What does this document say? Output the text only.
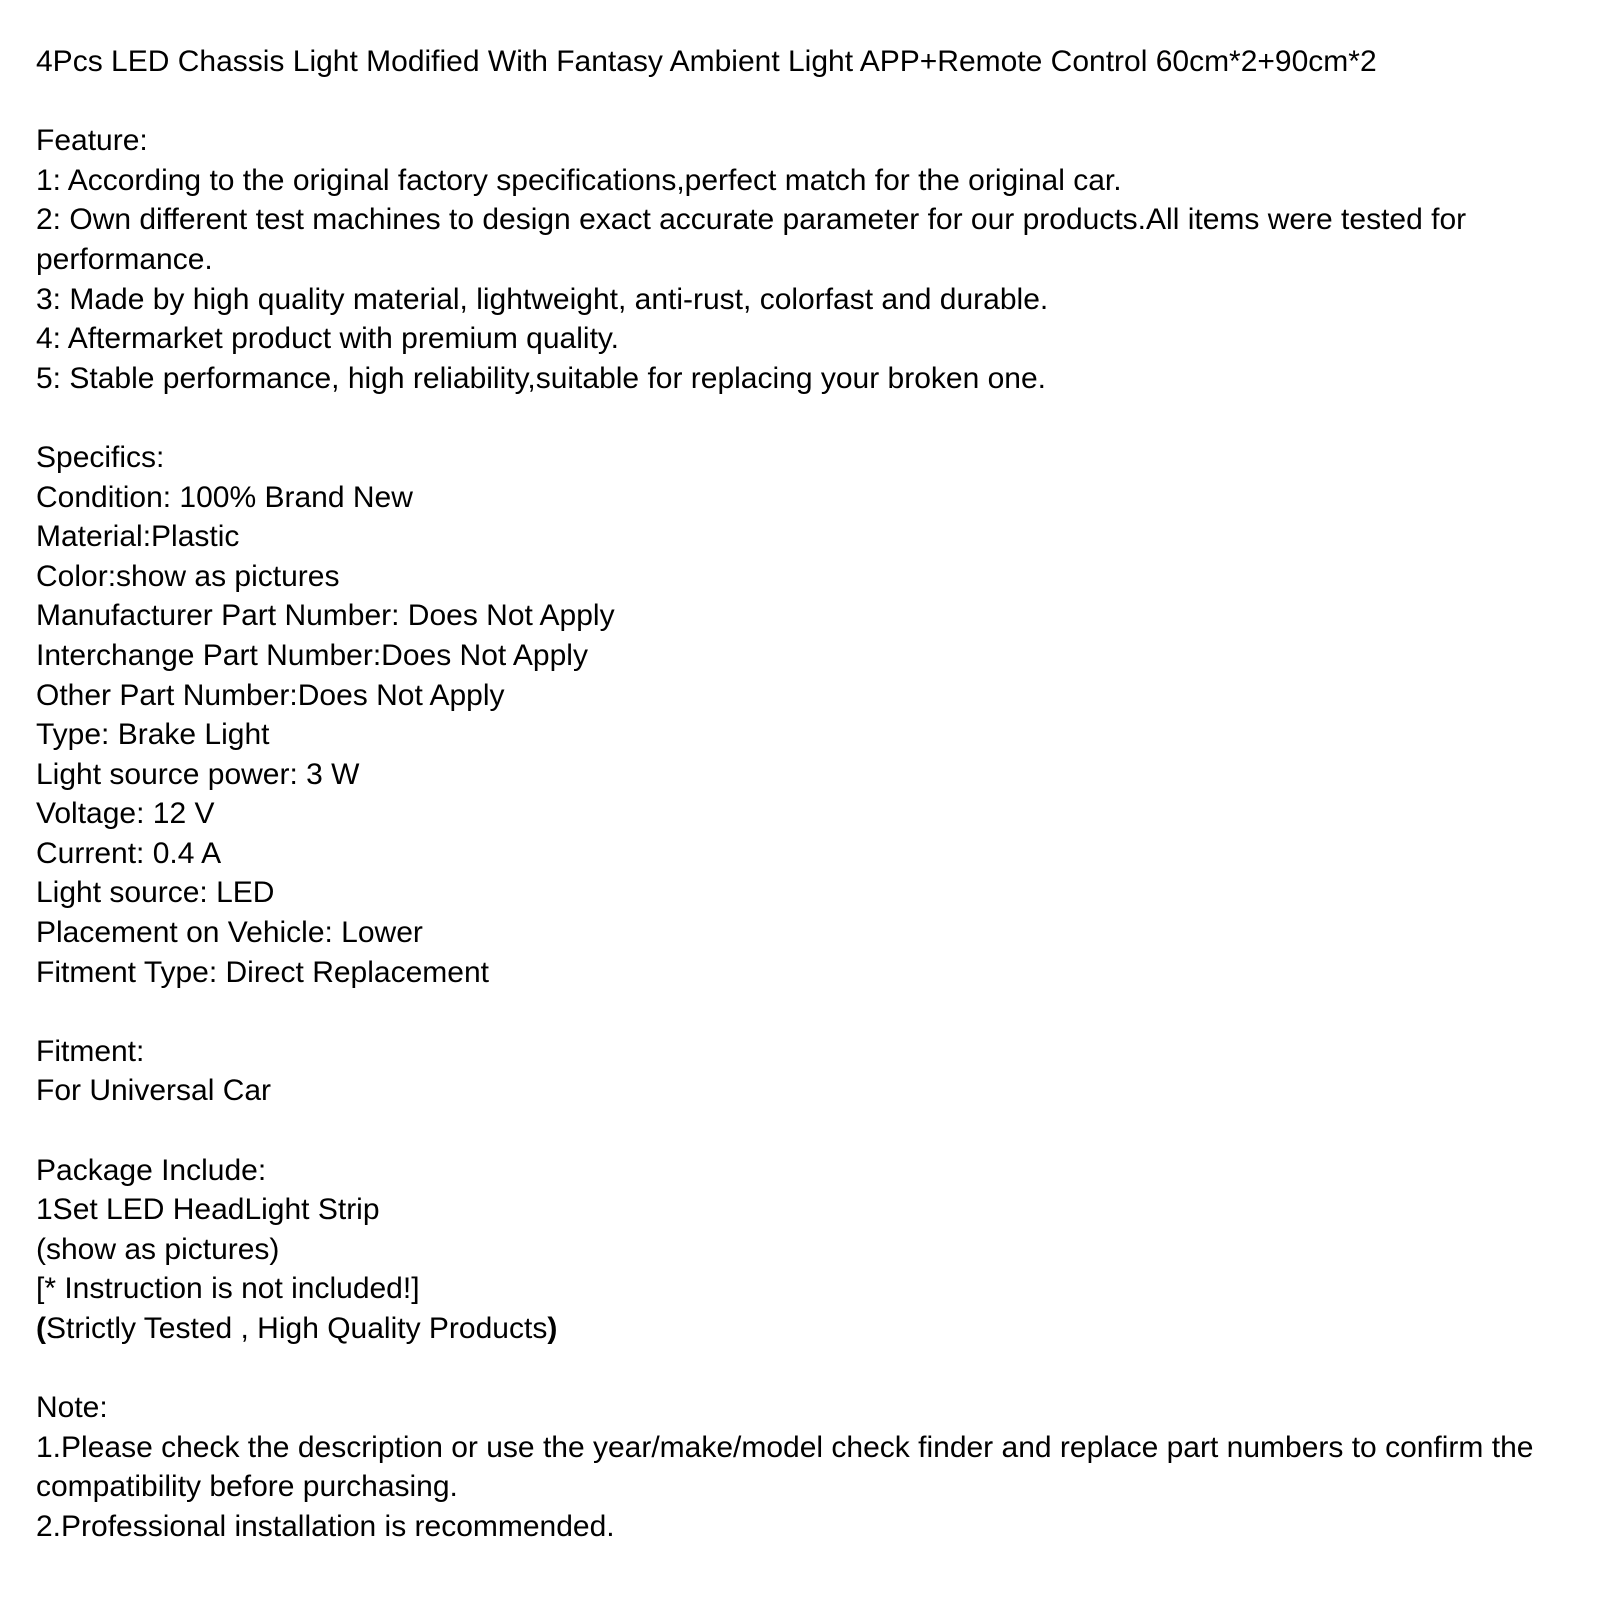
4Pcs LED Chassis Light Modified With Fantasy Ambient Light APP+Remote Control 60cm*2+90cm*2

Feature:

1: According to the original factory specifications,perfect match for the original car.

2: Own different test machines to design exact accurate parameter for our products.All items were tested for

performance.

3: Made by high quality material, lightweight, anti-rust, colorfast and durable.

4: Aftermarket product with premium quality.

5: Stable performance, high reliability,suitable for replacing your broken one.

Specifics:

Condition: 100% Brand New

Material:Plastic

Color:show as pictures

Manufacturer Part Number: Does Not Apply

Interchange Part Number:Does Not Apply

Other Part Number:Does Not Apply

Type: Brake Light

Light source power: 3 W

Voltage: 12 V

Current: 0.4 A

Light source: LED

Placement on Vehicle: Lower

Fitment Type: Direct Replacement

Fitment:

For Universal Car

Package Include:

1Set LED HeadLight Strip

(show as pictures)

[* Instruction is not included!]

(Strictly Tested , High Quality Products)

Note:

1.Please check the description or use the year/make/model check finder and replace part numbers to confirm the

compatibility before purchasing.

2.Professional installation is recommended.
